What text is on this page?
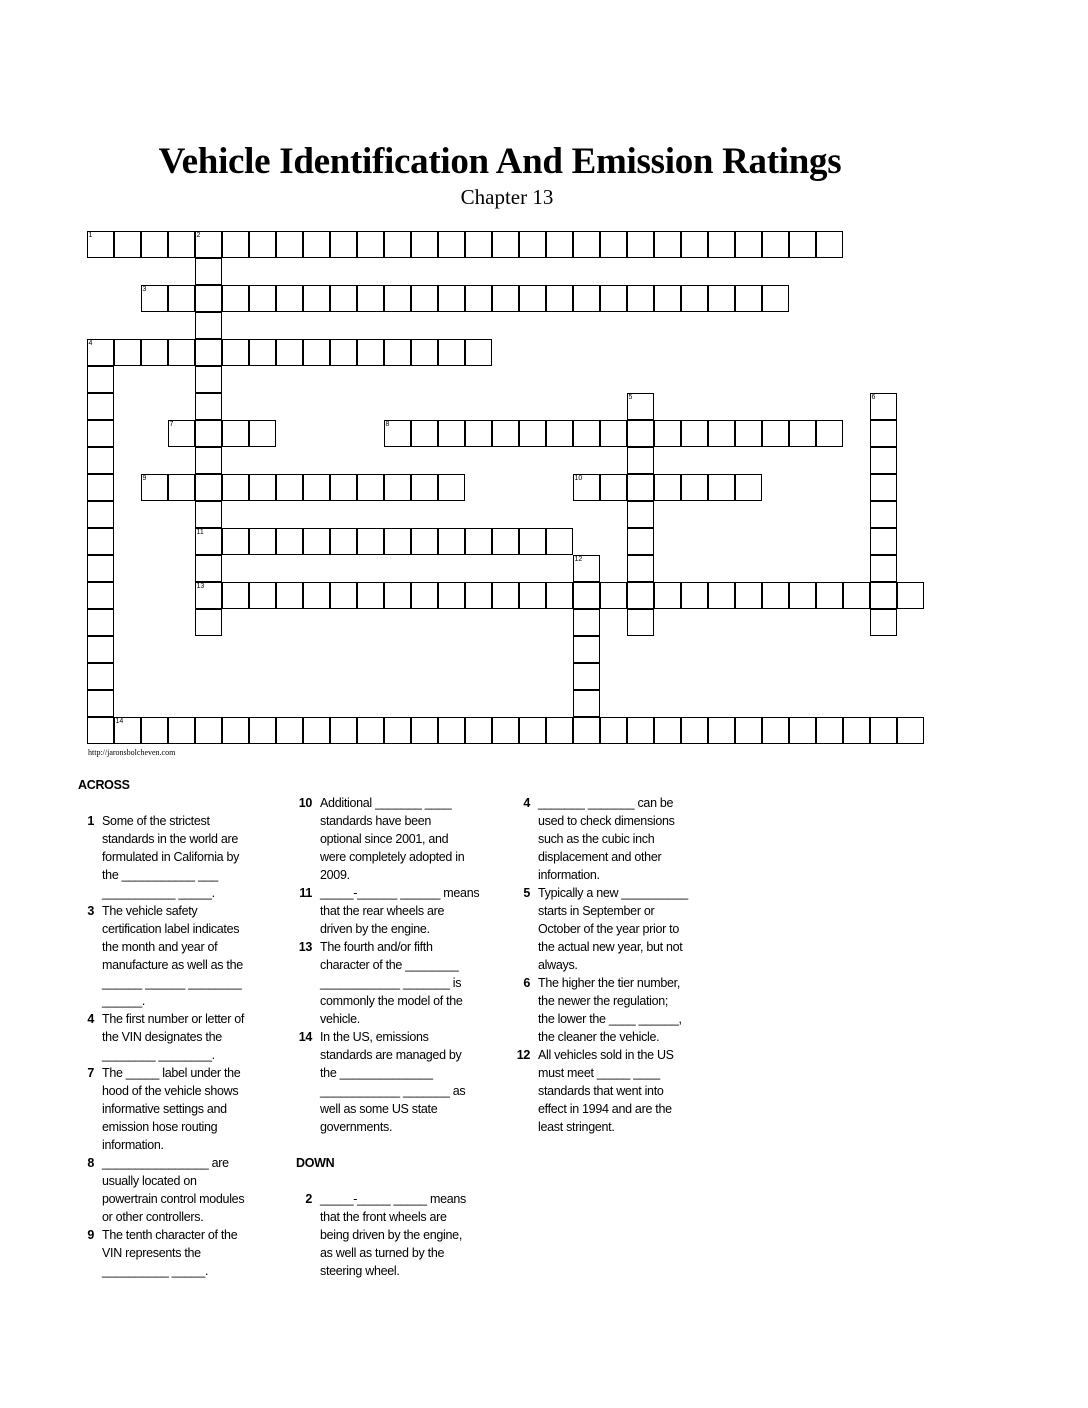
Vehicle Identification And Emission Ratings
Chapter 13
1	2
3
4
7	8
9	10
11
13
14
5	6
12
http://jaronsbolcheven.com
ACROSS
1 Some of the strictest
standards in the world are
formulated in California by
the ___________ ___
___________ _____.
3 The vehicle safety
certification label indicates
the month and year of
manufacture as well as the
______ ______ ________
______.
4 The first number or letter of
the VIN designates the
________ ________.
7 The _____ label under the
hood of the vehicle shows
informative settings and
emission hose routing
information.
8 ________________ are
usually located on
powertrain control modules
or other controllers.
9 The tenth character of the
VIN represents the
__________ _____.
10 Additional _______ ____
standards have been
optional since 2001, and
were completely adopted in
2009.
11 _____-______ ______ means
that the rear wheels are
driven by the engine.
13 The fourth and/or fifth
character of the ________
____________ _______ is
commonly the model of the
vehicle.
14 In the US, emissions
standards are managed by
the ______________
____________ _______ as
well as some US state
governments.
DOWN
2 _____-_____ _____ means
that the front wheels are
being driven by the engine,
as well as turned by the
steering wheel.
4 _______ _______ can be
used to check dimensions
such as the cubic inch
displacement and other
information.
5 Typically a new __________
starts in September or
October of the year prior to
the actual new year, but not
always.
6 The higher the tier number,
the newer the regulation;
the lower the ____ ______,
the cleaner the vehicle.
12 All vehicles sold in the US
must meet _____ ____
standards that went into
effect in 1994 and are the
least stringent.
